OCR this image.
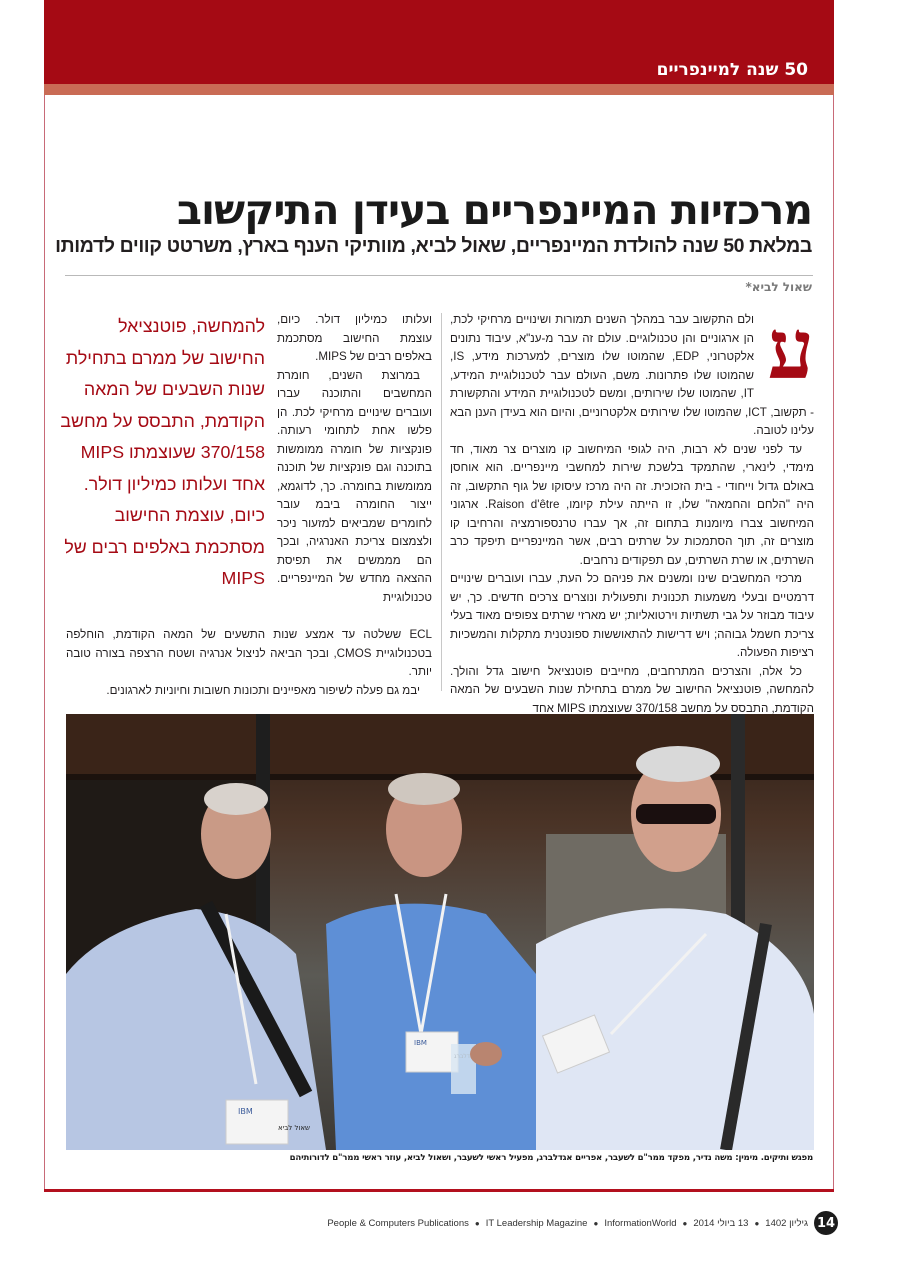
50 שנה למיינפריים
מרכזיות המיינפריים בעידן התיקשוב
במלאת 50 שנה להולדת המיינפריים, שאול לביא, מוותיקי הענף בארץ, משרטט קווים לדמותו
שאול לביא*
ע

ולם התקשוב עבר במהלך השנים תמורות ושינויים מרחיקי לכת, הן ארגוניים והן טכנולוגיים. עולם זה עבר מ-ענ"א, עיבוד נתונים אלקטרוני, EDP, שהמוטו שלו מוצרים, למערכות מידע, IS, שהמוטו שלו פתרונות. משם, העולם עבר לטכנולוגיית המידע, IT, שהמוטו שלו שירותים, ומשם לטכנולוגיית המידע והתקשורת - תקשוב, ICT, שהמוטו שלו שירותים אלקטרוניים, והיום הוא בעידן הענן הבא עלינו לטובה.

עד לפני שנים לא רבות, היה לגופי המיחשוב קו מוצרים צר מאוד, חד מימדי, לינארי, שהתמקד בלשכת שירות למחשבי מיינפריים. הוא אוחסן באולם גדול וייחודי - בית הזכוכית. זה היה מרכז עיסוקו של גוף התקשוב, זה היה "הלחם והחמאה" שלו, זו הייתה עילת קיומו, Raison d'être. ארגוני המיחשוב צברו מיומנות בתחום זה, אך עברו טרנספורמציה והרחיבו קו מוצרים זה, תוך הסתמכות על שרתים רבים, אשר המיינפריים תיפקד כרב השרתים, או שרת השרתים, עם תפקודים נרחבים.

מרכזי המחשבים שינו ומשנים את פניהם כל העת, עברו ועוברים שינויים דרמטיים ובעלי משמעות תכנונית ותפעולית ונוצרים צרכים חדשים. כך, יש עיבוד מבוזר על גבי תשתיות וירטואליות; יש מארזי שרתים צפופים מאוד בעלי צריכת חשמל גבוהה; ויש דרישות להתאוששות ספונטנית מתקלות והמשכיות רציפות הפעולה.

כל אלה, והצרכים המתרחבים, מחייבים פוטנציאל חישוב גדל והולך. להמחשה, פוטנציאל החישוב של ממרם בתחילת שנות השבעים של המאה הקודמת, התבסס על מחשב 370/158 שעוצמתו MIPS אחד

ועלותו כמיליון דולר. כיום, עוצמת החישוב מסתכמת באלפים רבים של MIPS.

במרוצת השנים, חומרת המחשבים והתוכנה עברו ועוברים שינויים מרחיקי לכת. הן פלשו אחת לתחומי רעותה. פונקציות של חומרה ממומשות בתוכנה וגם פונקציות של תוכנה ממומשות בחומרה. כך, לדוגמא, ייצור החומרה ביבמ עובר לחומרים שמביאים למזעור ניכר ולצמצום צריכת האנרגיה, ובכך הם מממשים את תפיסת ההצאה מחדש של המיינפריים. טכנולוגיית

ECL ששלטה עד אמצע שנות התשעים של המאה הקודמת, הוחלפה בטכנולוגיית CMOS, ובכך הביאה לניצול אנרגיה ושטח הרצפה בצורה טובה יותר.

יבמ גם פעלה לשיפור מאפיינים ותכונות חשובות וחיוניות לארגונים.

להמחשה, פוטנציאל החישוב של ממרם בתחילת שנות השבעים של המאה הקודמת, התבסס על מחשב 370/158 שעוצמתו MIPS אחד ועלותו כמיליון דולר. כיום, עוצמת החישוב מסתכמת באלפים רבים של MIPS
IBM
שאול לביא
IBM
מפגש ותיקים. מימין: משה נדיר, מפקד ממר"ם לשעבר, אפריים אגדלברג, מפעיל ראשי לשעבר, ושאול לביא, עוזר ראשי ממר"ם לדורותיהם
People & Computers Publications ● IT Leadership Magazine ● InformationWorld ● 13 ביולי 2014 ● גיליון 1402 14
